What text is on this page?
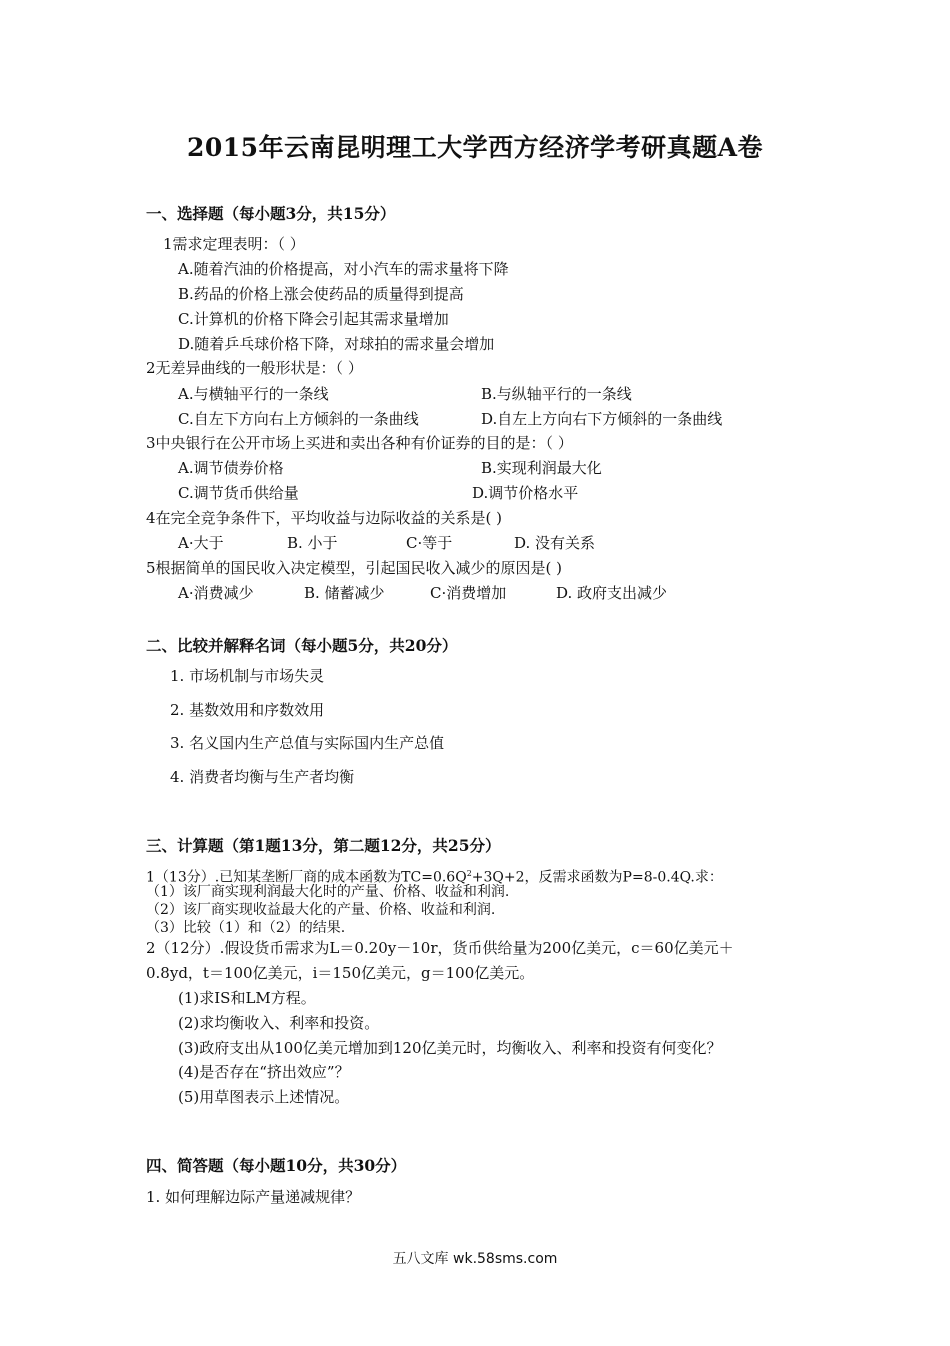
2015年云南昆明理工大学西方经济学考研真题A卷
一、选择题（每小题3分，共15分）
1需求定理表明：（ ）
A.随着汽油的价格提高，对小汽车的需求量将下降
B.药品的价格上涨会使药品的质量得到提高
C.计算机的价格下降会引起其需求量增加
D.随着乒乓球价格下降，对球拍的需求量会增加
2无差异曲线的一般形状是：（ ）
A.与横轴平行的一条线	B.与纵轴平行的一条线
C.自左下方向右上方倾斜的一条曲线	D.自左上方向右下方倾斜的一条曲线
3中央银行在公开市场上买进和卖出各种有价证券的目的是：（ ）
A.调节债券价格	B.实现利润最大化
C.调节货币供给量	D.调节价格水平
4在完全竞争条件下，平均收益与边际收益的关系是( )
A·大于	B. 小于	C·等于	D. 没有关系
5根据简单的国民收入决定模型，引起国民收入减少的原因是( )
A·消费减少	B. 储蓄减少	C·消费增加	D. 政府支出减少
二、比较并解释名词（每小题5分，共20分）
1. 市场机制与市场失灵
2. 基数效用和序数效用
3. 名义国内生产总值与实际国内生产总值
4. 消费者均衡与生产者均衡
三、计算题（第1题13分，第二题12分，共25分）
1（13分）.已知某垄断厂商的成本函数为$TC=0.6Q^2+3Q+2$，反需求函数为P=8-0.4Q.求：
（1）该厂商实现利润最大化时的产量、价格、收益和利润.
（2）该厂商实现收益最大化的产量、价格、收益和利润.
（3）比较（1）和（2）的结果.
2（12分）.假设货币需求为L＝0.20y－10r，货币供给量为200亿美元，c＝60亿美元＋
0.8yd，t＝100亿美元，i＝150亿美元，g＝100亿美元。
(1)求IS和LM方程。
(2)求均衡收入、利率和投资。
(3)政府支出从100亿美元增加到120亿美元时，均衡收入、利率和投资有何变化？
(4)是否存在“挤出效应”？
(5)用草图表示上述情况。
四、简答题（每小题10分，共30分）
1. 如何理解边际产量递减规律？
五八文库 wk.58sms.com
